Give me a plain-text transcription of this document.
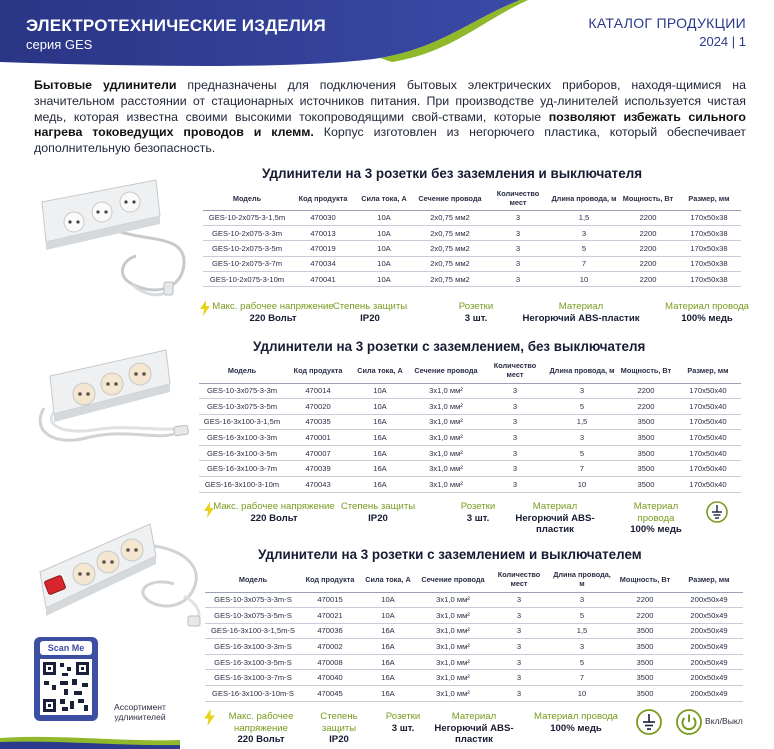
ЭЛЕКТРОТЕХНИЧЕСКИЕ ИЗДЕЛИЯ
серия GES
КАТАЛОГ ПРОДУКЦИИ
2024 | 1
Бытовые удлинители предназначены для подключения бытовых электрических приборов, находя-щимися на значительном расстоянии от стационарных источников питания. При производстве уд-линителей используется чистая медь, которая известна своими высокими токопроводящими свой-ствами, которые позволяют избежать сильного нагрева токоведущих проводов и клемм. Корпус изготовлен из негорючего пластика, который обеспечивает дополнительную безопасность.
Удлинители на 3 розетки без заземления и выключателя
Модель	Код продукта	Сила тока, А	Сечение провода	Количество мест	Длина провода, м	Мощность, Вт	Размер, мм
GES-10-2x075-3-1,5m	470030	10A	2x0,75 мм2	3	1,5	2200	170x50x38
GES-10-2x075-3-3m	470013	10A	2x0,75 мм2	3	3	2200	170x50x38
GES-10-2x075-3-5m	470019	10A	2x0,75 мм2	3	5	2200	170x50x38
GES-10-2x075-3-7m	470034	10A	2x0,75 мм2	3	7	2200	170x50x38
GES-10-2x075-3-10m	470041	10A	2x0,75 мм2	3	10	2200	170x50x38
Макс. рабочее напряжение
220 Вольт
Степень защиты
IP20
Розетки
3 шт.
Материал
Негорючий ABS-пластик
Материал провода
100% медь
Удлинители на 3 розетки с заземлением, без выключателя
Модель	Код продукта	Сила тока, А	Сечение провода	Количество мест	Длина провода, м	Мощность, Вт	Размер, мм
GES-10-3x075-3-3m	470014	10A	3x1,0 мм²	3	3	2200	170x50x40
GES-10-3x075-3-5m	470020	10A	3x1,0 мм²	3	5	2200	170x50x40
GES-16-3x100-3-1,5m	470035	16A	3x1,0 мм²	3	1,5	3500	170x50x40
GES-16-3x100-3-3m	470001	16A	3x1,0 мм²	3	3	3500	170x50x40
GES-16-3x100-3-5m	470007	16A	3x1,0 мм²	3	5	3500	170x50x40
GES-16-3x100-3-7m	470039	16A	3x1,0 мм²	3	7	3500	170x50x40
GES-16-3x100-3-10m	470043	16A	3x1,0 мм²	3	10	3500	170x50x40
Макс. рабочее напряжение
220 Вольт
Степень защиты
IP20
Розетки
3 шт.
Материал
Негорючий ABS-пластик
Материал провода
100% медь
Удлинители на 3 розетки с заземлением и выключателем
Модель	Код продукта	Сила тока, А	Сечение провода	Количество мест	Длина провода, м	Мощность, Вт	Размер, мм
GES-10-3x075-3-3m-S	470015	10A	3x1,0 мм²	3	3	2200	200x50x49
GES-10-3x075-3-5m-S	470021	10A	3x1,0 мм²	3	5	2200	200x50x49
GES-16-3x100-3-1,5m-S	470036	16A	3x1,0 мм²	3	1,5	3500	200x50x49
GES-16-3x100-3-3m-S	470002	16A	3x1,0 мм²	3	3	3500	200x50x49
GES-16-3x100-3-5m-S	470008	16A	3x1,0 мм²	3	5	3500	200x50x49
GES-16-3x100-3-7m-S	470040	16A	3x1,0 мм²	3	7	3500	200x50x49
GES-16-3x100-3-10m-S	470045	16A	3x1,0 мм²	3	10	3500	200x50x49
Scan Me
Ассортимент удлинителей	Макс. рабочее напряжение
220 Вольт
Степень защиты
IP20
Розетки
3 шт.
Материал
Негорючий ABS-пластик
Материал провода
100% медь
Вкл/Выкл
